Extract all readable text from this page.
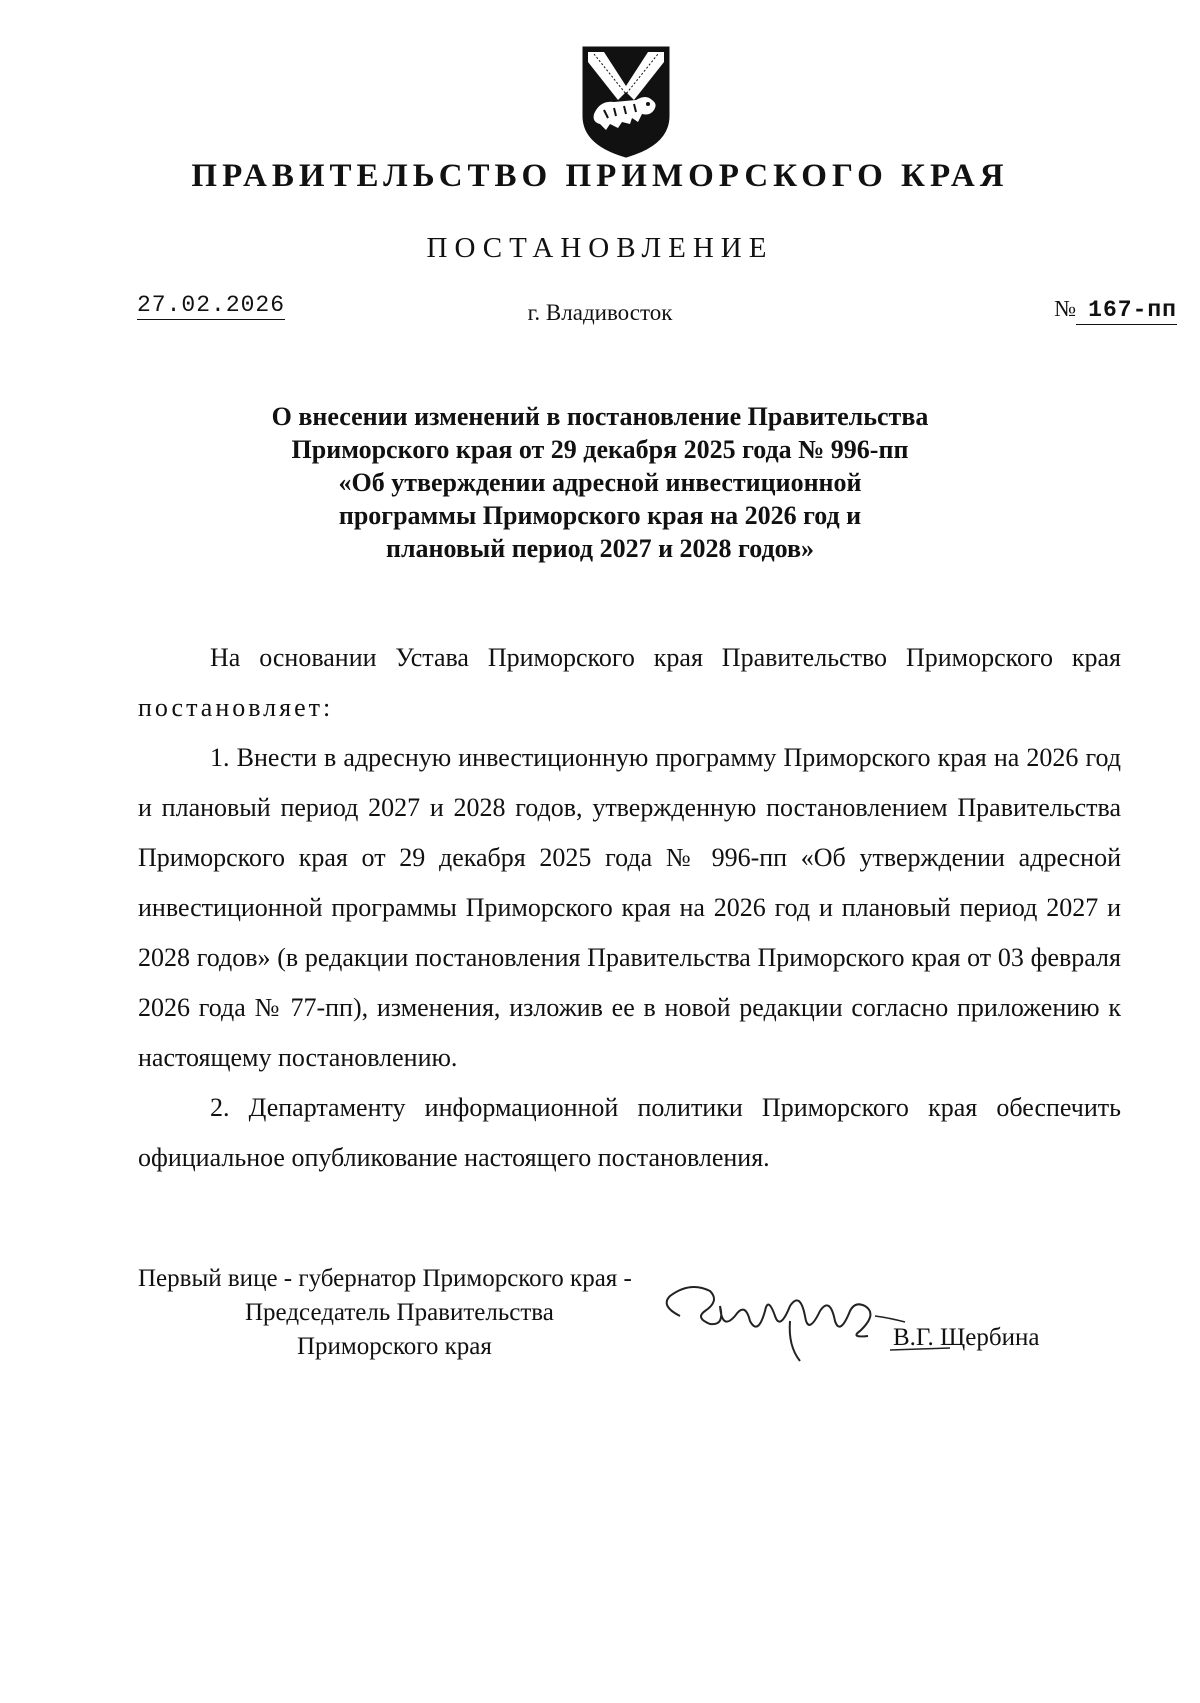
ПРАВИТЕЛЬСТВО ПРИМОРСКОГО КРАЯ
ПОСТАНОВЛЕНИЕ
27.02.2026	г. Владивосток	№ 167-пп
О внесении изменений в постановление Правительства
Приморского края от 29 декабря 2025 года № 996-пп
«Об утверждении адресной инвестиционной
программы Приморского края на 2026 год и
плановый период 2027 и 2028 годов»

На основании Устава Приморского края Правительство Приморского края постановляет:

1. Внести в адресную инвестиционную программу Приморского края на 2026 год и плановый период 2027 и 2028 годов, утвержденную постановлением Правительства Приморского края от 29 декабря 2025 года № 996-пп «Об утверждении адресной инвестиционной программы Приморского края на 2026 год и плановый период 2027 и 2028 годов» (в редакции постановления Правительства Приморского края от 03 февраля 2026 года № 77-пп), изменения, изложив ее в новой редакции согласно приложению к настоящему постановлению.

2. Департаменту информационной политики Приморского края обеспечить официальное опубликование настоящего постановления.

Первый вице - губернатор Приморского края -
Председатель Правительства
Приморского края	В.Г. Щербина
